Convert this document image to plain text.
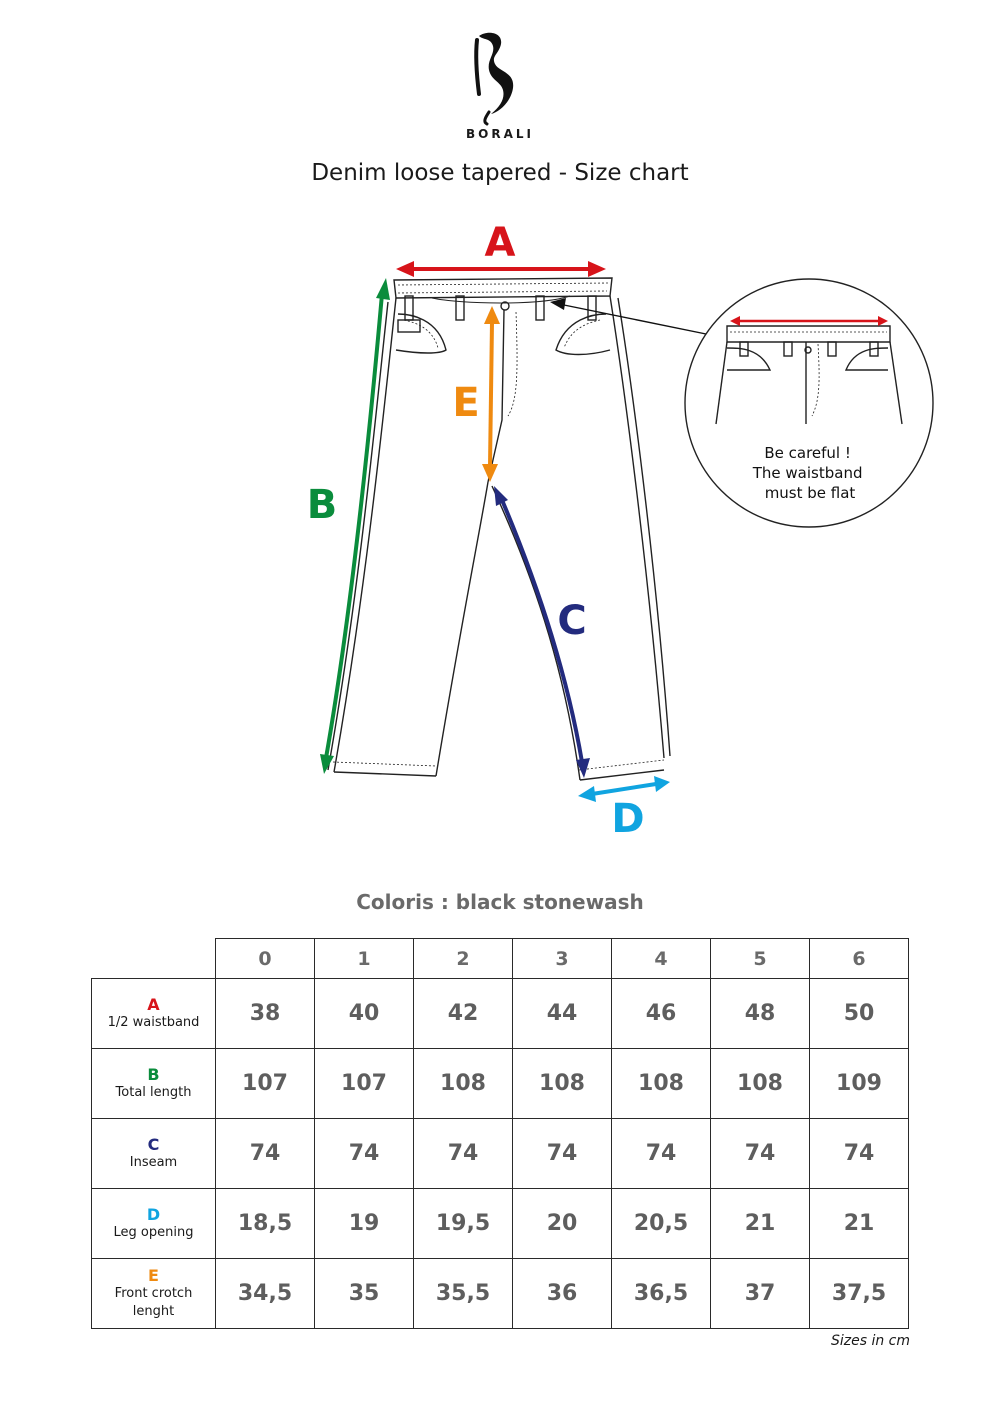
BORALI
Denim loose tapered - Size chart
A
B
E
C
D
Be careful ! The waistband must be flat
Coloris : black stonewash
	0	1	2	3	4	5	6

A
1/2 waistband	38	40	42	44	46	48	50

B
Total length	107	107	108	108	108	108	109

C
Inseam	74	74	74	74	74	74	74

D
Leg opening	18,5	19	19,5	20	20,5	21	21

E
Front crotch
lenght	34,5	35	35,5	36	36,5	37	37,5
Sizes in cm
